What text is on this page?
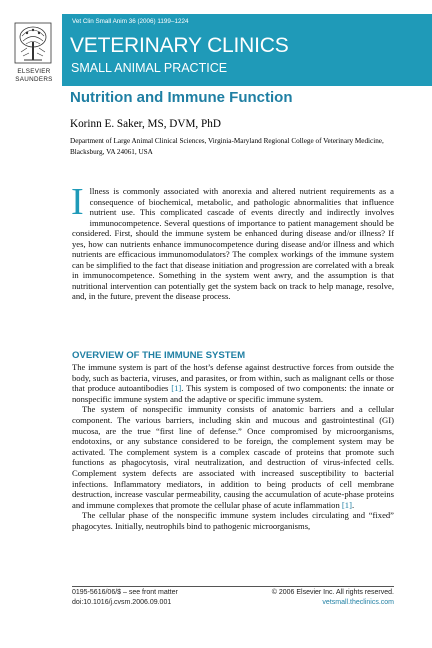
ELSEVIER
SAUNDERS
Vet Clin Small Anim 36 (2006) 1199–1224
VETERINARY CLINICS
SMALL ANIMAL PRACTICE
Nutrition and Immune Function
Korinn E. Saker, MS, DVM, PhD
Department of Large Animal Clinical Sciences, Virginia-Maryland Regional College of Veterinary Medicine, Blacksburg, VA 24061, USA
Illness is commonly associated with anorexia and altered nutrient requirements as a consequence of biochemical, metabolic, and pathologic abnormalities that influence nutrient use. This complicated cascade of events directly and indirectly involves immunocompetence. Several questions of importance to patient management should be considered. First, should the immune system be enhanced during disease and/or illness? If yes, how can nutrients enhance immunocompetence during disease and/or illness and which nutrients are efficacious immunomodulators? The complex workings of the immune system can be simplified to the fact that disease initiation and progression are correlated with a break in immunocompetence. Something in the system went awry, and the assumption is that nutritional intervention can potentially get the system back on track to help manage, resolve, and, in the future, prevent the disease process.
OVERVIEW OF THE IMMUNE SYSTEM

The immune system is part of the host’s defense against destructive forces from outside the body, such as bacteria, viruses, and parasites, or from within, such as malignant cells or those that produce autoantibodies [1]. This system is composed of two components: the innate or nonspecific immune system and the adaptive or specific immune system.

The system of nonspecific immunity consists of anatomic barriers and a cellular component. The various barriers, including skin and mucous and gastrointestinal (GI) mucosa, are the true “first line of defense.” Once compromised by microorganisms, endotoxins, or any substance considered to be foreign, the complement system may be activated. The complement system is a complex cascade of proteins that promote such functions as phagocytosis, viral neutralization, and destruction of virus-infected cells. Complement system defects are associated with increased susceptibility to bacterial infections. Inflammatory mediators, in addition to being products of cell membrane destruction, increase vascular permeability, causing the accumulation of acute-phase proteins and immune complexes that promote the cellular phase of acute inflammation [1].

The cellular phase of the nonspecific immune system includes circulating and “fixed” phagocytes. Initially, neutrophils bind to pathogenic microorganisms,

0195-5616/06/$ – see front matter
doi:10.1016/j.cvsm.2006.09.001
© 2006 Elsevier Inc. All rights reserved.
vetsmall.theclinics.com
